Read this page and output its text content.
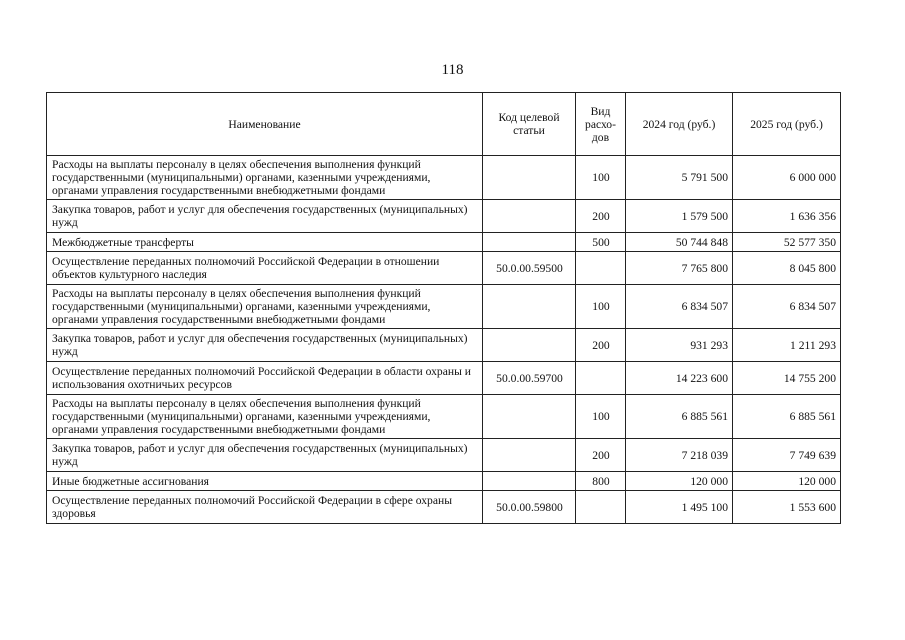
118
Наименование	Код целевой статьи	Вид расхо-дов	2024 год (руб.)	2025 год (руб.)
Расходы на выплаты персоналу в целях обеспечения выполнения функций государственными (муниципальными) органами, казенными учреждениями, органами управления государственными внебюджетными фондами		100	5 791 500	6 000 000
Закупка товаров, работ и услуг для обеспечения государственных (муниципальных) нужд		200	1 579 500	1 636 356
Межбюджетные трансферты		500	50 744 848	52 577 350
Осуществление переданных полномочий Российской Федерации в отношении объектов культурного наследия	50.0.00.59500		7 765 800	8 045 800
Расходы на выплаты персоналу в целях обеспечения выполнения функций государственными (муниципальными) органами, казенными учреждениями, органами управления государственными внебюджетными фондами		100	6 834 507	6 834 507
Закупка товаров, работ и услуг для обеспечения государственных (муниципальных) нужд		200	931 293	1 211 293
Осуществление переданных полномочий Российской Федерации в области охраны и использования охотничьих ресурсов	50.0.00.59700		14 223 600	14 755 200
Расходы на выплаты персоналу в целях обеспечения выполнения функций государственными (муниципальными) органами, казенными учреждениями, органами управления государственными внебюджетными фондами		100	6 885 561	6 885 561
Закупка товаров, работ и услуг для обеспечения государственных (муниципальных) нужд		200	7 218 039	7 749 639
Иные бюджетные ассигнования		800	120 000	120 000
Осуществление переданных полномочий Российской Федерации в сфере охраны здоровья	50.0.00.59800		1 495 100	1 553 600
